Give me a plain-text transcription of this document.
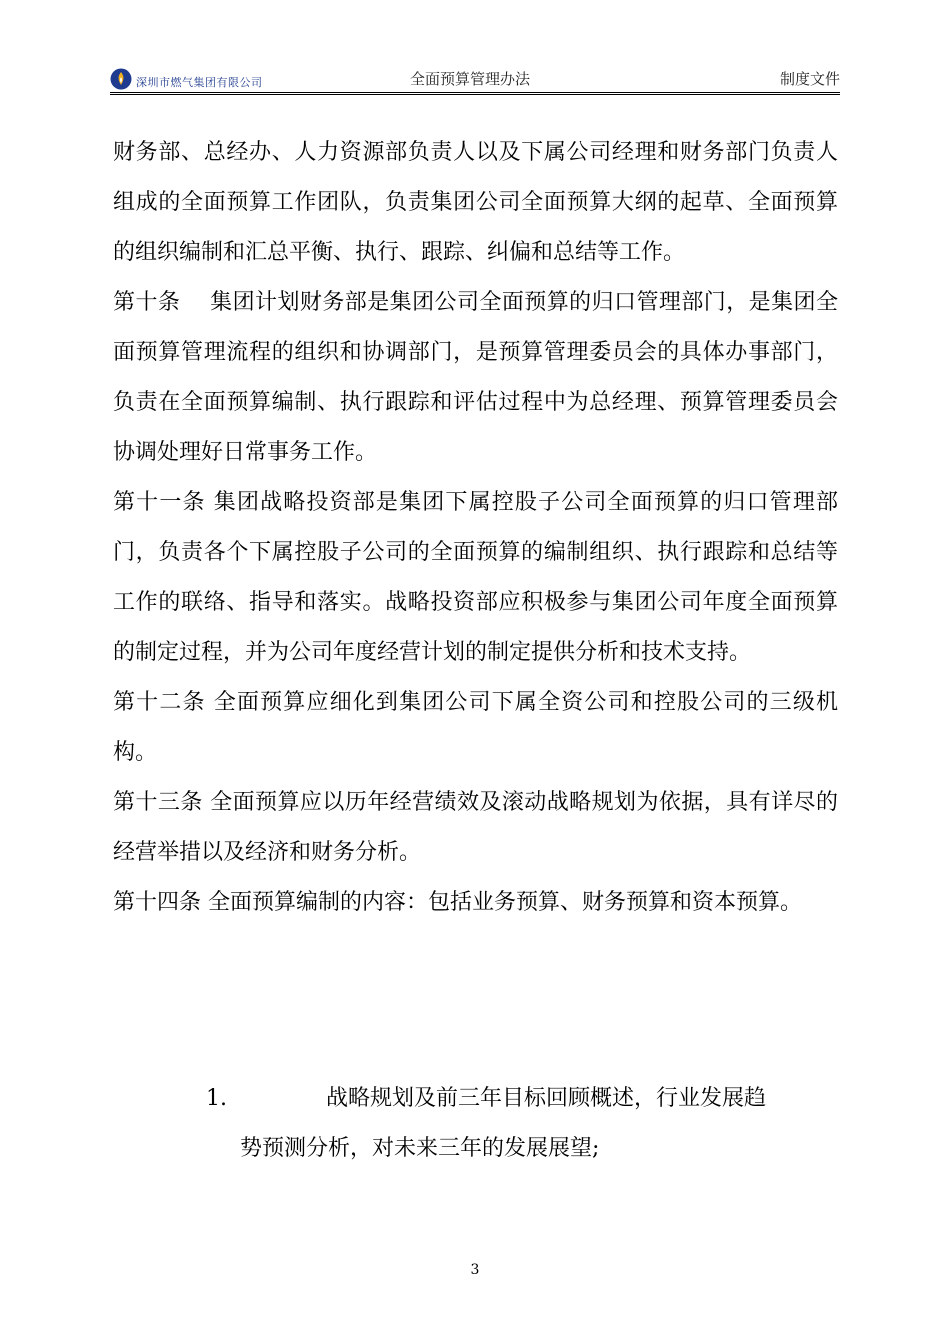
深圳市燃气集团有限公司	全面预算管理办法	制度文件

财务部、总经办、人力资源部负责人以及下属公司经理和财务部门负责人组成的全面预算工作团队，负责集团公司全面预算大纲的起草、全面预算的组织编制和汇总平衡、执行、跟踪、纠偏和总结等工作。

第十条　 集团计划财务部是集团公司全面预算的归口管理部门，是集团全面预算管理流程的组织和协调部门，是预算管理委员会的具体办事部门，负责在全面预算编制、执行跟踪和评估过程中为总经理、预算管理委员会协调处理好日常事务工作。

第十一条 集团战略投资部是集团下属控股子公司全面预算的归口管理部门，负责各个下属控股子公司的全面预算的编制组织、执行跟踪和总结等工作的联络、指导和落实。战略投资部应积极参与集团公司年度全面预算的制定过程，并为公司年度经营计划的制定提供分析和技术支持。

第十二条 全面预算应细化到集团公司下属全资公司和控股公司的三级机构。

第十三条 全面预算应以历年经营绩效及滚动战略规划为依据，具有详尽的经营举措以及经济和财务分析。

第十四条 全面预算编制的内容：包括业务预算、财务预算和资本预算。

1.	战略规划及前三年目标回顾概述，行业发展趋

势预测分析，对未来三年的发展展望;

3
